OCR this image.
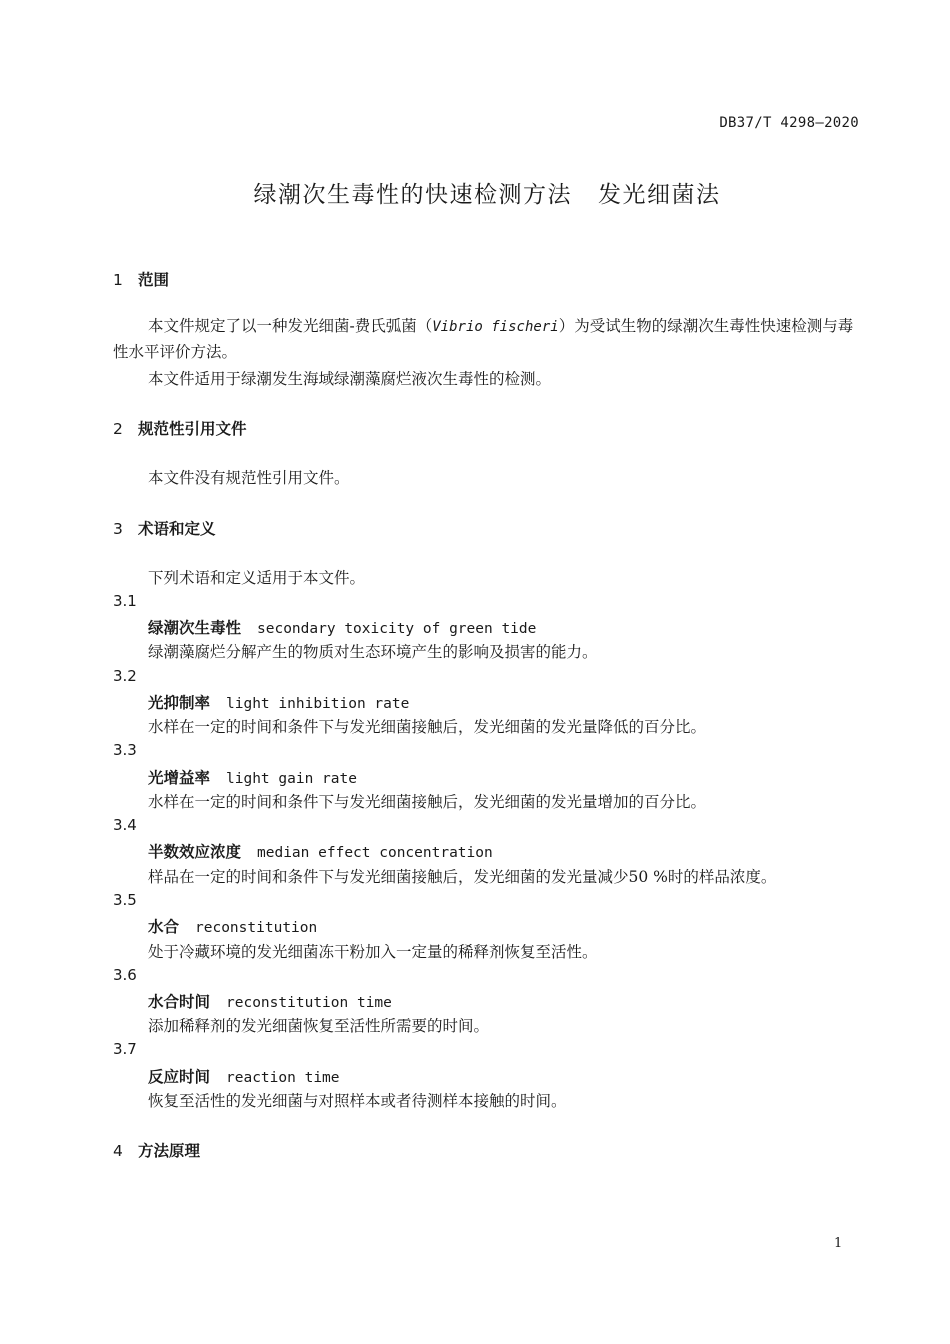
DB37/T 4298—2020
绿潮次生毒性的快速检测方法 发光细菌法
1 范围
本文件规定了以一种发光细菌-费氏弧菌（Vibrio fischeri）为受试生物的绿潮次生毒性快速检测与毒性水平评价方法。
本文件适用于绿潮发生海域绿潮藻腐烂液次生毒性的检测。
2 规范性引用文件
本文件没有规范性引用文件。
3 术语和定义
下列术语和定义适用于本文件。
3.1
绿潮次生毒性 secondary toxicity of green tide
绿潮藻腐烂分解产生的物质对生态环境产生的影响及损害的能力。
3.2
光抑制率 light inhibition rate
水样在一定的时间和条件下与发光细菌接触后，发光细菌的发光量降低的百分比。
3.3
光增益率 light gain rate
水样在一定的时间和条件下与发光细菌接触后，发光细菌的发光量增加的百分比。
3.4
半数效应浓度 median effect concentration
样品在一定的时间和条件下与发光细菌接触后，发光细菌的发光量减少50 %时的样品浓度。
3.5
水合 reconstitution
处于冷藏环境的发光细菌冻干粉加入一定量的稀释剂恢复至活性。
3.6
水合时间 reconstitution time
添加稀释剂的发光细菌恢复至活性所需要的时间。
3.7
反应时间 reaction time
恢复至活性的发光细菌与对照样本或者待测样本接触的时间。
4 方法原理
1
